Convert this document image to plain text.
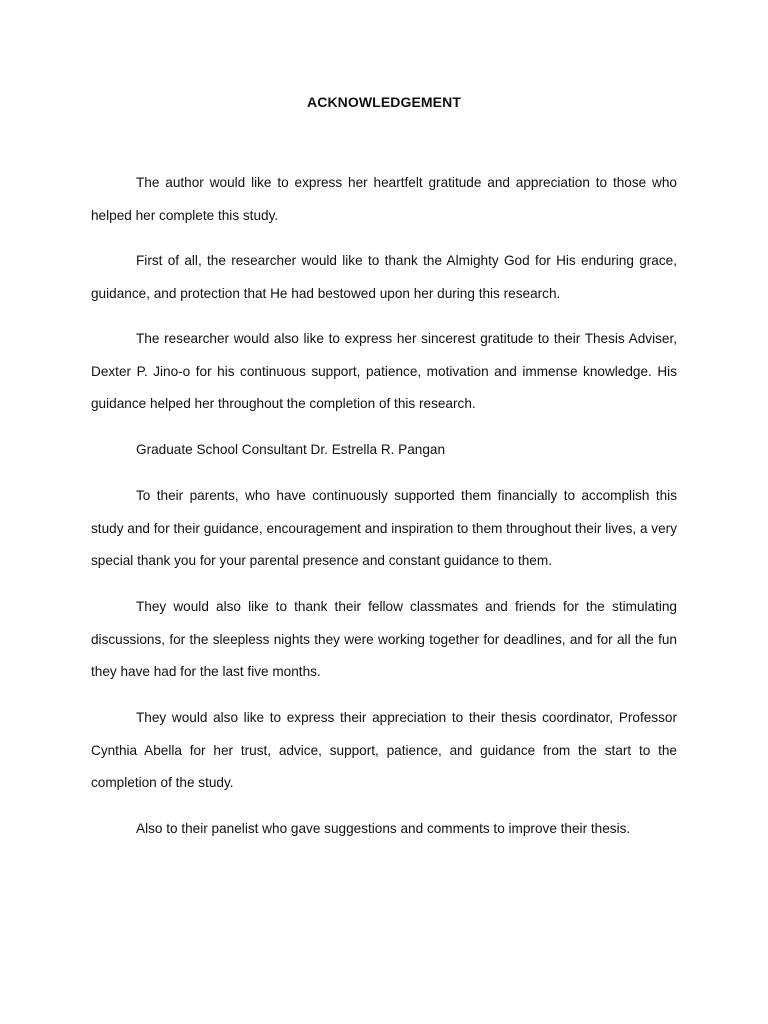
ACKNOWLEDGEMENT

The author would like to express her heartfelt gratitude and appreciation to those who helped her complete this study.

First of all, the researcher would like to thank the Almighty God for His enduring grace, guidance, and protection that He had bestowed upon her during this research.

The researcher would also like to express her sincerest gratitude to their Thesis Adviser, Dexter P. Jino-o for his continuous support, patience, motivation and immense knowledge. His guidance helped her throughout the completion of this research.

Graduate School Consultant Dr. Estrella R. Pangan

To their parents, who have continuously supported them financially to accomplish this study and for their guidance, encouragement and inspiration to them throughout their lives, a very special thank you for your parental presence and constant guidance to them.

They would also like to thank their fellow classmates and friends for the stimulating discussions, for the sleepless nights they were working together for deadlines, and for all the fun they have had for the last five months.

They would also like to express their appreciation to their thesis coordinator, Professor Cynthia Abella for her trust, advice, support, patience, and guidance from the start to the completion of the study.

Also to their panelist who gave suggestions and comments to improve their thesis.
